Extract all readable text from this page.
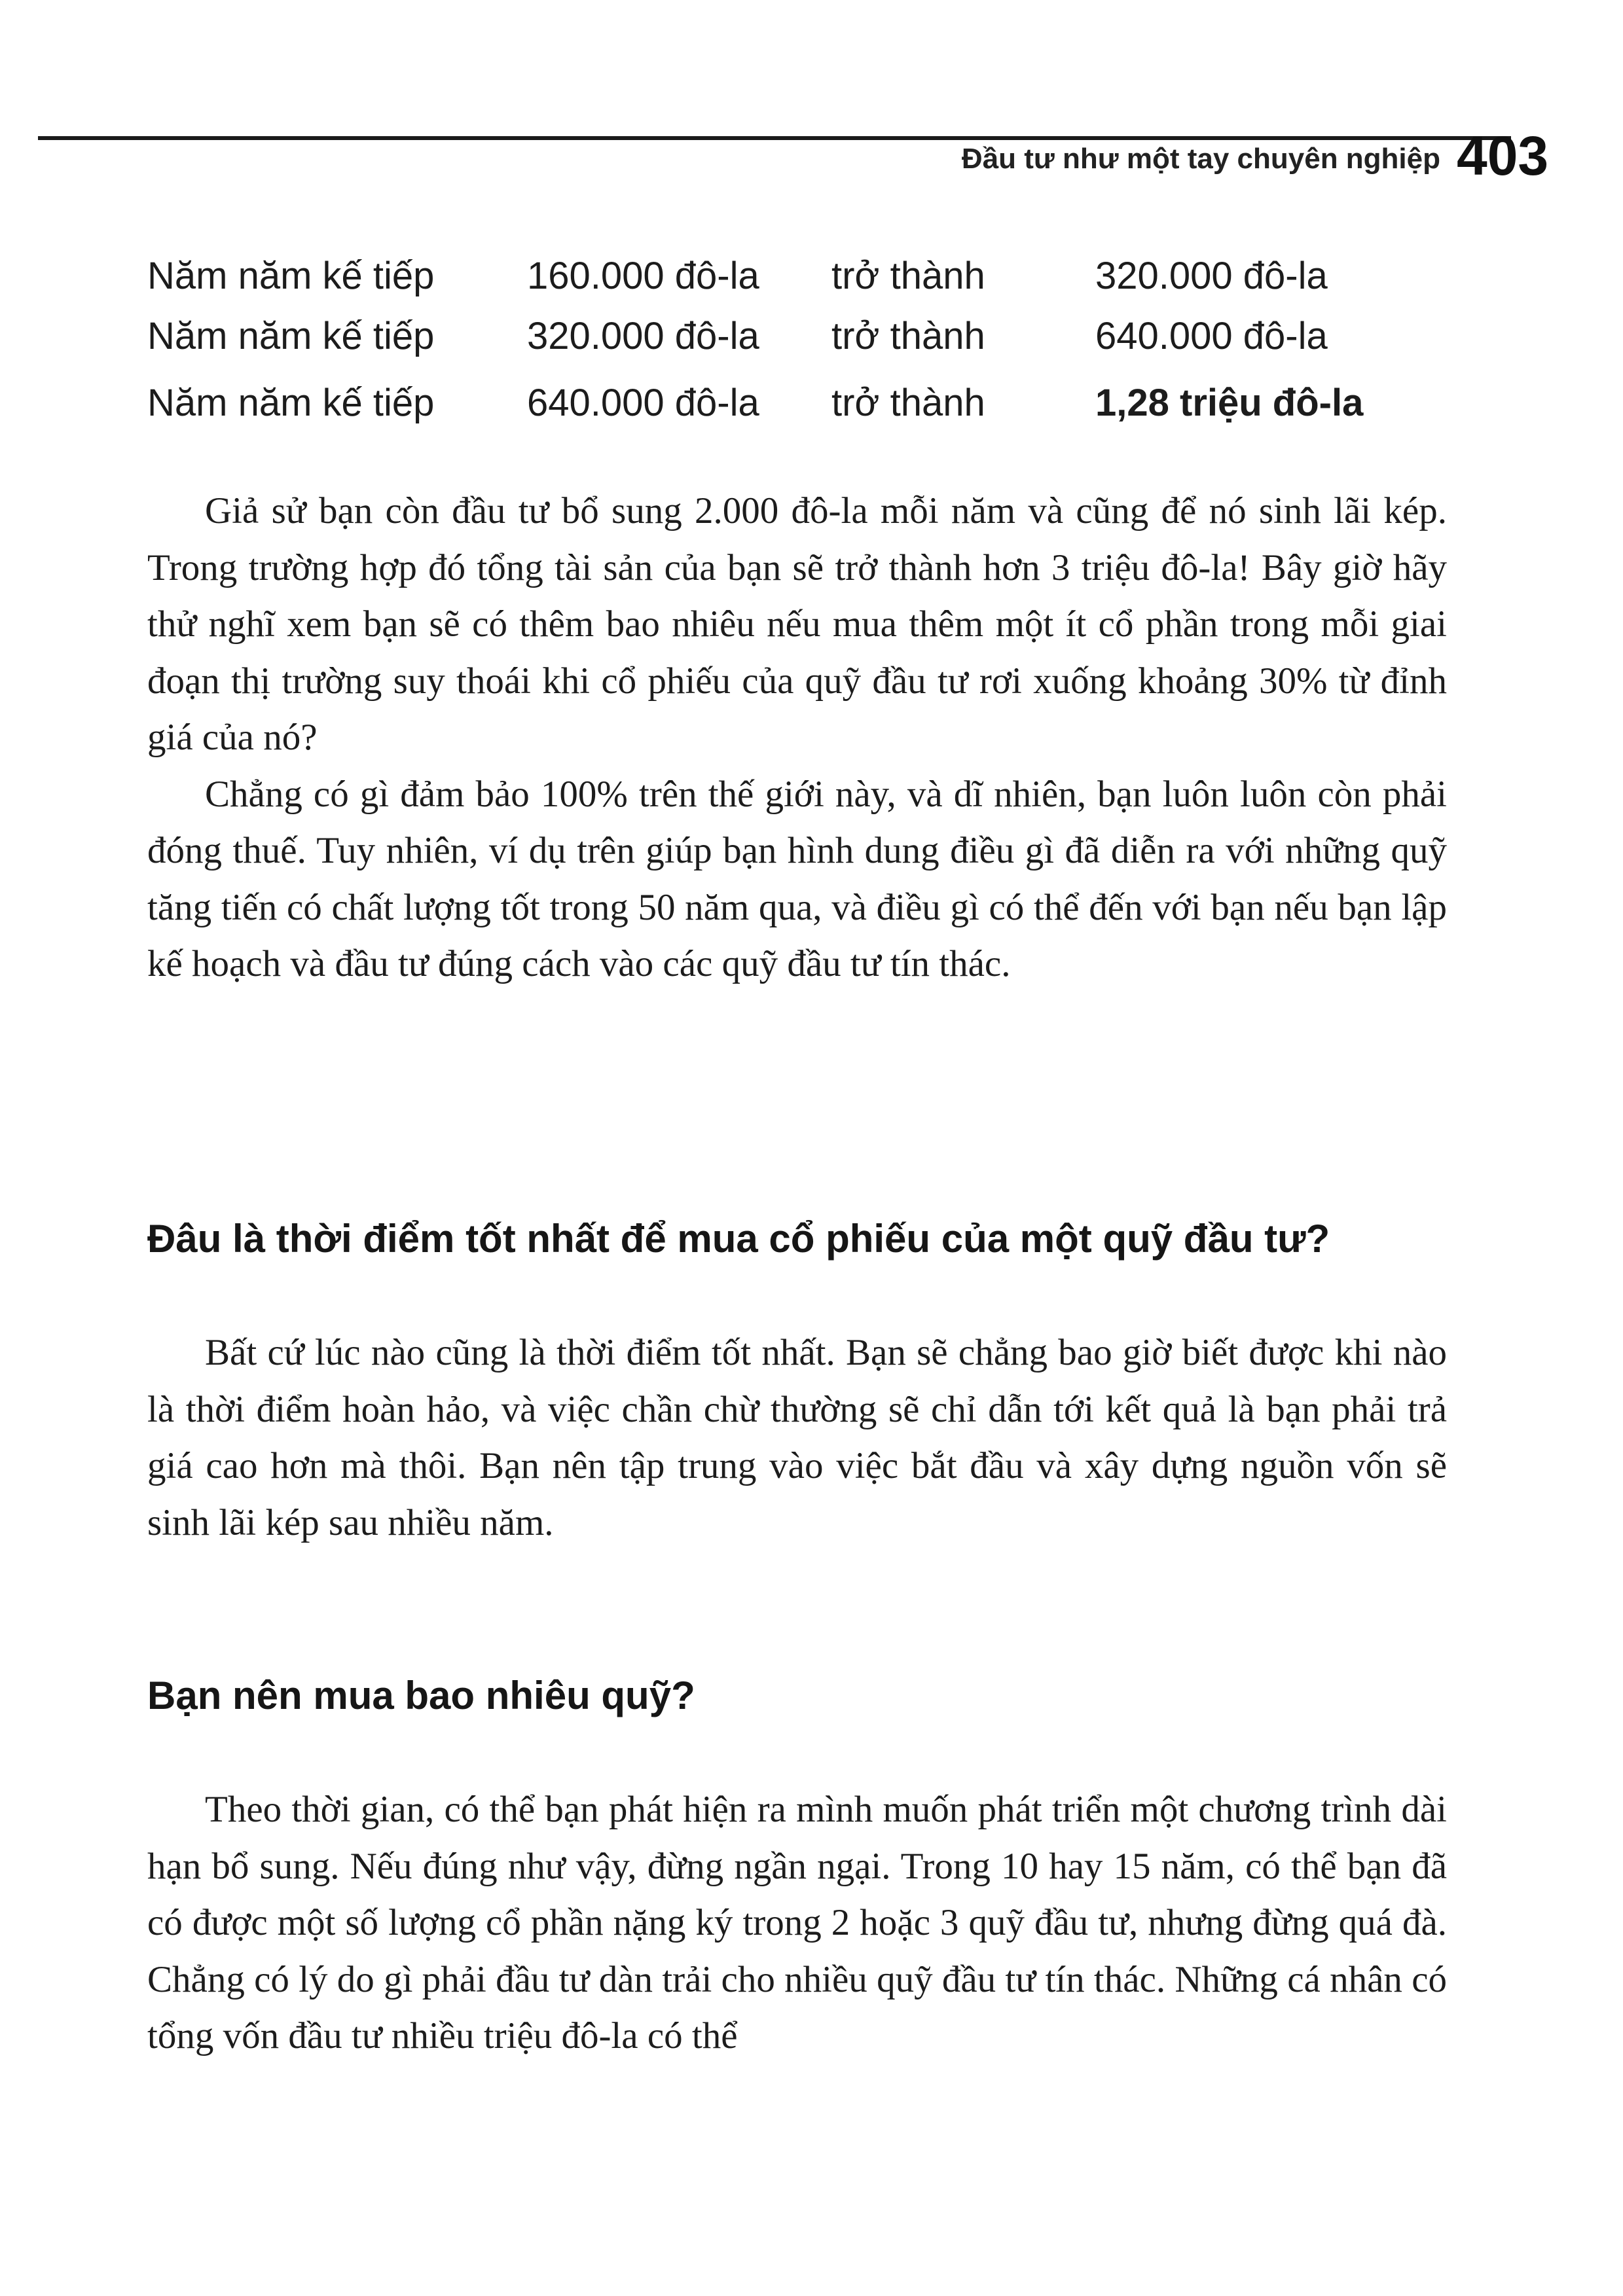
Đầu tư như một tay chuyên nghiệp 403
Năm năm kế tiếp 160.000 đô-la trở thành	320.000 đô-la
Năm năm kế tiếp 320.000 đô-la trở thành	640.000 đô-la
Năm năm kế tiếp 640.000 đô-la trở thành	1,28 triệu đô-la

Giả sử bạn còn đầu tư bổ sung 2.000 đô-la mỗi năm và cũng để nó sinh lãi kép. Trong trường hợp đó tổng tài sản của bạn sẽ trở thành hơn 3 triệu đô-la! Bây giờ hãy thử nghĩ xem bạn sẽ có thêm bao nhiêu nếu mua thêm một ít cổ phần trong mỗi giai đoạn thị trường suy thoái khi cổ phiếu của quỹ đầu tư rơi xuống khoảng 30% từ đỉnh giá của nó?

Chẳng có gì đảm bảo 100% trên thế giới này, và dĩ nhiên, bạn luôn luôn còn phải đóng thuế. Tuy nhiên, ví dụ trên giúp bạn hình dung điều gì đã diễn ra với những quỹ tăng tiến có chất lượng tốt trong 50 năm qua, và điều gì có thể đến với bạn nếu bạn lập kế hoạch và đầu tư đúng cách vào các quỹ đầu tư tín thác.

Đâu là thời điểm tốt nhất để mua cổ phiếu của một quỹ đầu tư?

Bất cứ lúc nào cũng là thời điểm tốt nhất. Bạn sẽ chẳng bao giờ biết được khi nào là thời điểm hoàn hảo, và việc chần chừ thường sẽ chỉ dẫn tới kết quả là bạn phải trả giá cao hơn mà thôi. Bạn nên tập trung vào việc bắt đầu và xây dựng nguồn vốn sẽ sinh lãi kép sau nhiều năm.

Bạn nên mua bao nhiêu quỹ?

Theo thời gian, có thể bạn phát hiện ra mình muốn phát triển một chương trình dài hạn bổ sung. Nếu đúng như vậy, đừng ngần ngại. Trong 10 hay 15 năm, có thể bạn đã có được một số lượng cổ phần nặng ký trong 2 hoặc 3 quỹ đầu tư, nhưng đừng quá đà. Chẳng có lý do gì phải đầu tư dàn trải cho nhiều quỹ đầu tư tín thác. Những cá nhân có tổng vốn đầu tư nhiều triệu đô-la có thể
